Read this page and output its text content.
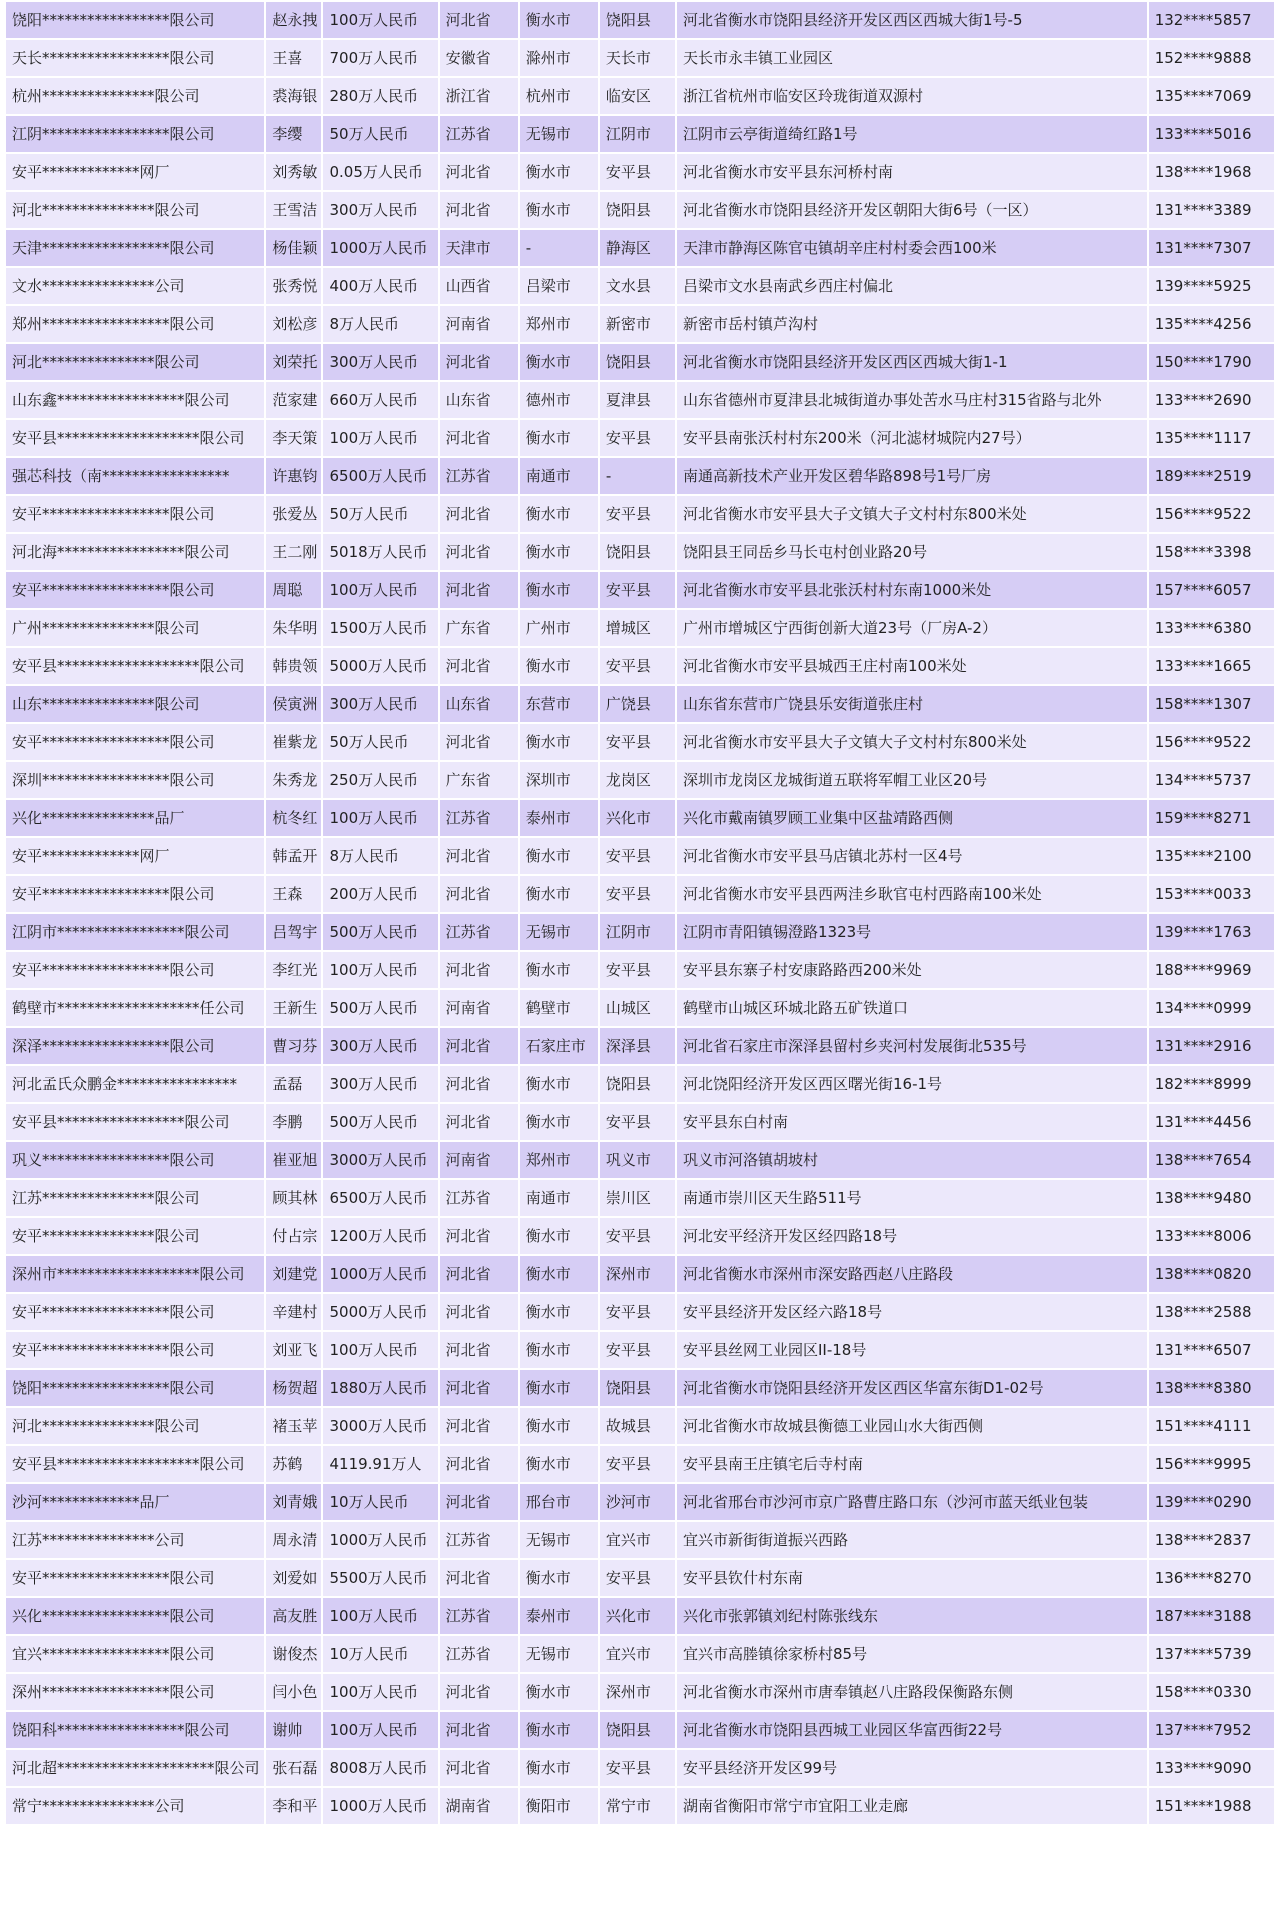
饶阳*****************限公司	赵永拽	100万人民币	河北省	衡水市	饶阳县	河北省衡水市饶阳县经济开发区西区西城大街1号-5	132****5857
天长*****************限公司	王喜	700万人民币	安徽省	滁州市	天长市	天长市永丰镇工业园区	152****9888
杭州***************限公司	裘海银	280万人民币	浙江省	杭州市	临安区	浙江省杭州市临安区玲珑街道双源村	135****7069
江阴*****************限公司	李缨	50万人民币	江苏省	无锡市	江阴市	江阴市云亭街道绮红路1号	133****5016
安平*************网厂	刘秀敏	0.05万人民币	河北省	衡水市	安平县	河北省衡水市安平县东河桥村南	138****1968
河北***************限公司	王雪洁	300万人民币	河北省	衡水市	饶阳县	河北省衡水市饶阳县经济开发区朝阳大街6号（一区）	131****3389
天津*****************限公司	杨佳颖	1000万人民币	天津市	-	静海区	天津市静海区陈官屯镇胡辛庄村村委会西100米	131****7307
文水***************公司	张秀悦	400万人民币	山西省	吕梁市	文水县	吕梁市文水县南武乡西庄村偏北	139****5925
郑州*****************限公司	刘松彦	8万人民币	河南省	郑州市	新密市	新密市岳村镇芦沟村	135****4256
河北***************限公司	刘荣托	300万人民币	河北省	衡水市	饶阳县	河北省衡水市饶阳县经济开发区西区西城大街1-1	150****1790
山东鑫*****************限公司	范家建	660万人民币	山东省	德州市	夏津县	山东省德州市夏津县北城街道办事处苦水马庄村315省路与北外	133****2690
安平县*******************限公司	李天策	100万人民币	河北省	衡水市	安平县	安平县南张沃村村东200米（河北滤材城院内27号）	135****1117
强芯科技（南*****************	许惠钧	6500万人民币	江苏省	南通市	-	南通高新技术产业开发区碧华路898号1号厂房	189****2519
安平*****************限公司	张爱丛	50万人民币	河北省	衡水市	安平县	河北省衡水市安平县大子文镇大子文村村东800米处	156****9522
河北海*****************限公司	王二刚	5018万人民币	河北省	衡水市	饶阳县	饶阳县王同岳乡马长屯村创业路20号	158****3398
安平*****************限公司	周聪	100万人民币	河北省	衡水市	安平县	河北省衡水市安平县北张沃村村东南1000米处	157****6057
广州***************限公司	朱华明	1500万人民币	广东省	广州市	增城区	广州市增城区宁西街创新大道23号（厂房A-2）	133****6380
安平县*******************限公司	韩贵领	5000万人民币	河北省	衡水市	安平县	河北省衡水市安平县城西王庄村南100米处	133****1665
山东***************限公司	侯寅洲	300万人民币	山东省	东营市	广饶县	山东省东营市广饶县乐安街道张庄村	158****1307
安平*****************限公司	崔紫龙	50万人民币	河北省	衡水市	安平县	河北省衡水市安平县大子文镇大子文村村东800米处	156****9522
深圳*****************限公司	朱秀龙	250万人民币	广东省	深圳市	龙岗区	深圳市龙岗区龙城街道五联将军帽工业区20号	134****5737
兴化***************品厂	杭冬红	100万人民币	江苏省	泰州市	兴化市	兴化市戴南镇罗顾工业集中区盐靖路西侧	159****8271
安平*************网厂	韩孟开	8万人民币	河北省	衡水市	安平县	河北省衡水市安平县马店镇北苏村一区4号	135****2100
安平*****************限公司	王森	200万人民币	河北省	衡水市	安平县	河北省衡水市安平县西两洼乡耿官屯村西路南100米处	153****0033
江阴市*****************限公司	吕驾宇	500万人民币	江苏省	无锡市	江阴市	江阴市青阳镇锡澄路1323号	139****1763
安平*****************限公司	李红光	100万人民币	河北省	衡水市	安平县	安平县东寨子村安康路路西200米处	188****9969
鹤壁市*******************任公司	王新生	500万人民币	河南省	鹤壁市	山城区	鹤壁市山城区环城北路五矿铁道口	134****0999
深泽*****************限公司	曹习芬	300万人民币	河北省	石家庄市	深泽县	河北省石家庄市深泽县留村乡夹河村发展街北535号	131****2916
河北孟氏众鹏金****************	孟磊	300万人民币	河北省	衡水市	饶阳县	河北饶阳经济开发区西区曙光街16-1号	182****8999
安平县*****************限公司	李鹏	500万人民币	河北省	衡水市	安平县	安平县东白村南	131****4456
巩义*****************限公司	崔亚旭	3000万人民币	河南省	郑州市	巩义市	巩义市河洛镇胡坡村	138****7654
江苏***************限公司	顾其林	6500万人民币	江苏省	南通市	崇川区	南通市崇川区天生路511号	138****9480
安平***************限公司	付占宗	1200万人民币	河北省	衡水市	安平县	河北安平经济开发区经四路18号	133****8006
深州市*******************限公司	刘建党	1000万人民币	河北省	衡水市	深州市	河北省衡水市深州市深安路西赵八庄路段	138****0820
安平*****************限公司	辛建村	5000万人民币	河北省	衡水市	安平县	安平县经济开发区经六路18号	138****2588
安平*****************限公司	刘亚飞	100万人民币	河北省	衡水市	安平县	安平县丝网工业园区II-18号	131****6507
饶阳*****************限公司	杨贺超	1880万人民币	河北省	衡水市	饶阳县	河北省衡水市饶阳县经济开发区西区华富东街D1-02号	138****8380
河北***************限公司	褚玉苹	3000万人民币	河北省	衡水市	故城县	河北省衡水市故城县衡德工业园山水大街西侧	151****4111
安平县*******************限公司	苏鹤	4119.91万人	河北省	衡水市	安平县	安平县南王庄镇宅后寺村南	156****9995
沙河*************品厂	刘青娥	10万人民币	河北省	邢台市	沙河市	河北省邢台市沙河市京广路曹庄路口东（沙河市蓝天纸业包装	139****0290
江苏***************公司	周永清	1000万人民币	江苏省	无锡市	宜兴市	宜兴市新街街道振兴西路	138****2837
安平*****************限公司	刘爱如	5500万人民币	河北省	衡水市	安平县	安平县钦什村东南	136****8270
兴化*****************限公司	高友胜	100万人民币	江苏省	泰州市	兴化市	兴化市张郭镇刘纪村陈张线东	187****3188
宜兴*****************限公司	谢俊杰	10万人民币	江苏省	无锡市	宜兴市	宜兴市高塍镇徐家桥村85号	137****5739
深州*****************限公司	闫小色	100万人民币	河北省	衡水市	深州市	河北省衡水市深州市唐奉镇赵八庄路段保衡路东侧	158****0330
饶阳科*****************限公司	谢帅	100万人民币	河北省	衡水市	饶阳县	河北省衡水市饶阳县西城工业园区华富西街22号	137****7952
河北超*********************限公司	张石磊	8008万人民币	河北省	衡水市	安平县	安平县经济开发区99号	133****9090
常宁***************公司	李和平	1000万人民币	湖南省	衡阳市	常宁市	湖南省衡阳市常宁市宜阳工业走廊	151****1988
